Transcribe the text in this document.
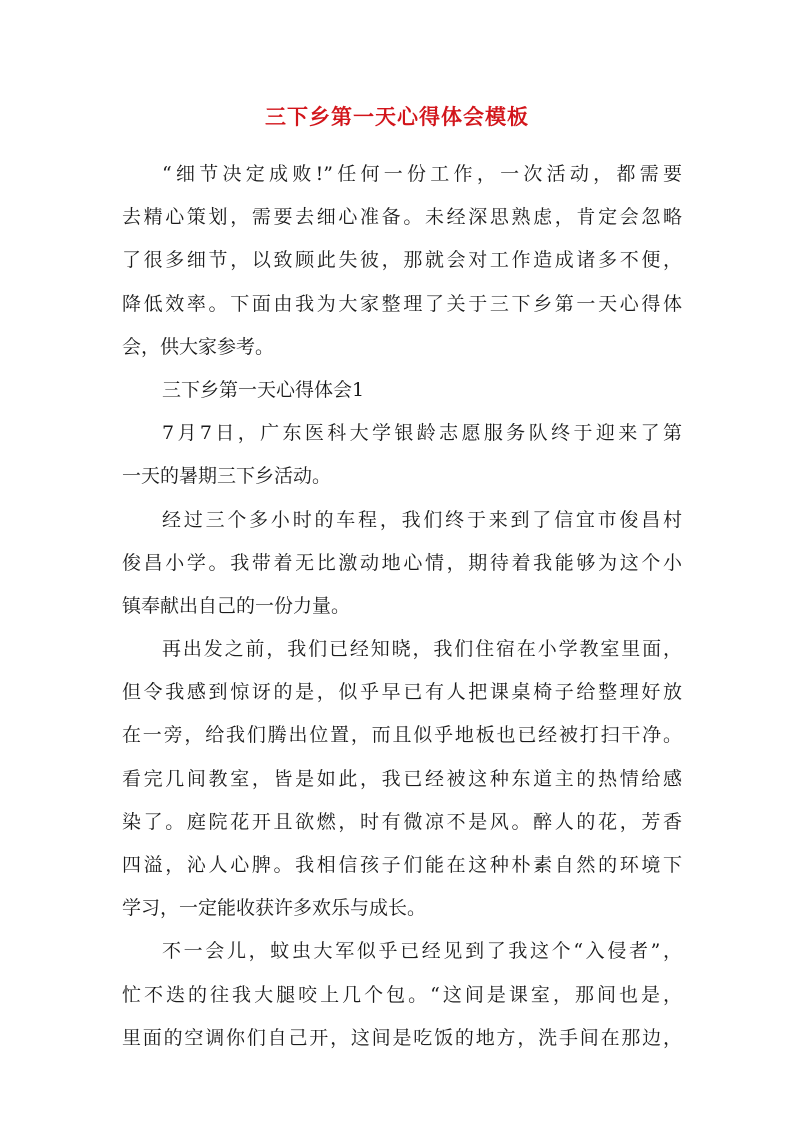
三下乡第一天心得体会模板
“细节决定成败!”任何一份工作，一次活动，都需要
去精心策划，需要去细心准备。未经深思熟虑，肯定会忽略
了很多细节，以致顾此失彼，那就会对工作造成诸多不便，
降低效率。下面由我为大家整理了关于三下乡第一天心得体
会，供大家参考。
三下乡第一天心得体会1
7月7日，广东医科大学银龄志愿服务队终于迎来了第
一天的暑期三下乡活动。
经过三个多小时的车程，我们终于来到了信宜市俊昌村
俊昌小学。我带着无比激动地心情，期待着我能够为这个小
镇奉献出自己的一份力量。
再出发之前，我们已经知晓，我们住宿在小学教室里面，
但令我感到惊讶的是，似乎早已有人把课桌椅子给整理好放
在一旁，给我们腾出位置，而且似乎地板也已经被打扫干净。
看完几间教室，皆是如此，我已经被这种东道主的热情给感
染了。庭院花开且欲燃，时有微凉不是风。醉人的花，芳香
四溢，沁人心脾。我相信孩子们能在这种朴素自然的环境下
学习，一定能收获许多欢乐与成长。
不一会儿，蚊虫大军似乎已经见到了我这个“入侵者”，
忙不迭的往我大腿咬上几个包。“这间是课室，那间也是，
里面的空调你们自己开，这间是吃饭的地方，洗手间在那边，
